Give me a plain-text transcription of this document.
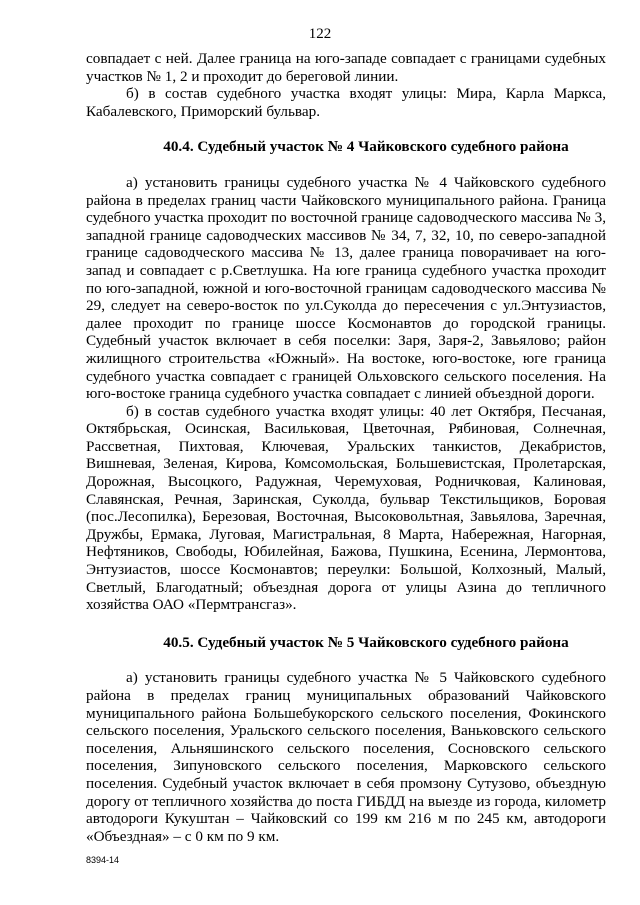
122

совпадает с ней. Далее граница на юго-западе совпадает с границами судебных участков № 1, 2 и проходит до береговой линии.

б) в состав судебного участка входят улицы: Мира, Карла Маркса, Кабалевского, Приморский бульвар.

40.4. Судебный участок № 4 Чайковского судебного района

а) установить границы судебного участка № 4 Чайковского судебного района в пределах границ части Чайковского муниципального района. Граница судебного участка проходит по восточной границе садоводческого массива № 3, западной границе садоводческих массивов № 34, 7, 32, 10, по северо-западной границе садоводческого массива № 13, далее граница поворачивает на юго-запад и совпадает с р.Светлушка. На юге граница судебного участка проходит по юго-западной, южной и юго-восточной границам садоводческого массива № 29, следует на северо-восток по ул.Суколда до пересечения с ул.Энтузиастов, далее проходит по границе шоссе Космонавтов до городской границы. Судебный участок включает в себя поселки: Заря, Заря-2, Завьялово; район жилищного строительства «Южный». На востоке, юго-востоке, юге граница судебного участка совпадает с границей Ольховского сельского поселения. На юго-востоке граница судебного участка совпадает с линией объездной дороги.

б) в состав судебного участка входят улицы: 40 лет Октября, Песчаная, Октябрьская, Осинская, Васильковая, Цветочная, Рябиновая, Солнечная, Рассветная, Пихтовая, Ключевая, Уральских танкистов, Декабристов, Вишневая, Зеленая, Кирова, Комсомольская, Большевистская, Пролетарская, Дорожная, Высоцкого, Радужная, Черемуховая, Родничковая, Калиновая, Славянская, Речная, Заринская, Суколда, бульвар Текстильщиков, Боровая (пос.Лесопилка), Березовая, Восточная, Высоковольтная, Завьялова, Заречная, Дружбы, Ермака, Луговая, Магистральная, 8 Марта, Набережная, Нагорная, Нефтяников, Свободы, Юбилейная, Бажова, Пушкина, Есенина, Лермонтова, Энтузиастов, шоссе Космонавтов; переулки: Большой, Колхозный, Малый, Светлый, Благодатный; объездная дорога от улицы Азина до тепличного хозяйства ОАО «Пермтрансгаз».

40.5. Судебный участок № 5 Чайковского судебного района

а) установить границы судебного участка № 5 Чайковского судебного района в пределах границ муниципальных образований Чайковского муниципального района Большебукорского сельского поселения, Фокинского сельского поселения, Уральского сельского поселения, Ваньковского сельского поселения, Альняшинского сельского поселения, Сосновского сельского поселения, Зипуновского сельского поселения, Марковского сельского поселения. Судебный участок включает в себя промзону Сутузово, объездную дорогу от тепличного хозяйства до поста ГИБДД на выезде из города, километр автодороги Кукуштан – Чайковский со 199 км 216 м по 245 км, автодороги «Объездная» – с 0 км по 9 км.

8394-14
